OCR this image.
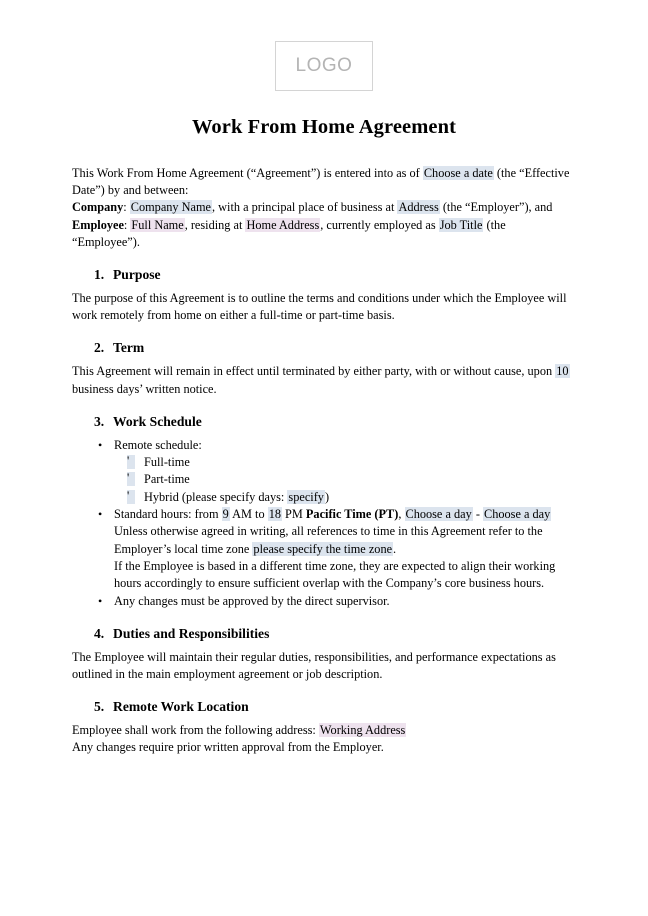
LOGO
Work From Home Agreement

This Work From Home Agreement (“Agreement”) is entered into as of Choose a date (the “Effective Date”) by and between:

Company: Company Name, with a principal place of business at Address (the “Employer”), and

Employee: Full Name, residing at Home Address, currently employed as Job Title (the “Employee”).

1. Purpose

The purpose of this Agreement is to outline the terms and conditions under which the Employee will work remotely from home on either a full-time or part-time basis.

2. Term

This Agreement will remain in effect until terminated by either party, with or without cause, upon 10 business days’ written notice.

3. Work Schedule
• Remote schedule:
'	Full-time
'	Part-time
'	Hybrid (please specify days: specify)
• Standard hours: from 9 AM to 18 PM Pacific Time (PT), Choose a day - Choose a day
Unless otherwise agreed in writing, all references to time in this Agreement refer to the Employer’s local time zone please specify the time zone.
If the Employee is based in a different time zone, they are expected to align their working hours accordingly to ensure sufficient overlap with the Company’s core business hours.
• Any changes must be approved by the direct supervisor.
4. Duties and Responsibilities

The Employee will maintain their regular duties, responsibilities, and performance expectations as outlined in the main employment agreement or job description.

5. Remote Work Location

Employee shall work from the following address: Working Address

Any changes require prior written approval from the Employer.
